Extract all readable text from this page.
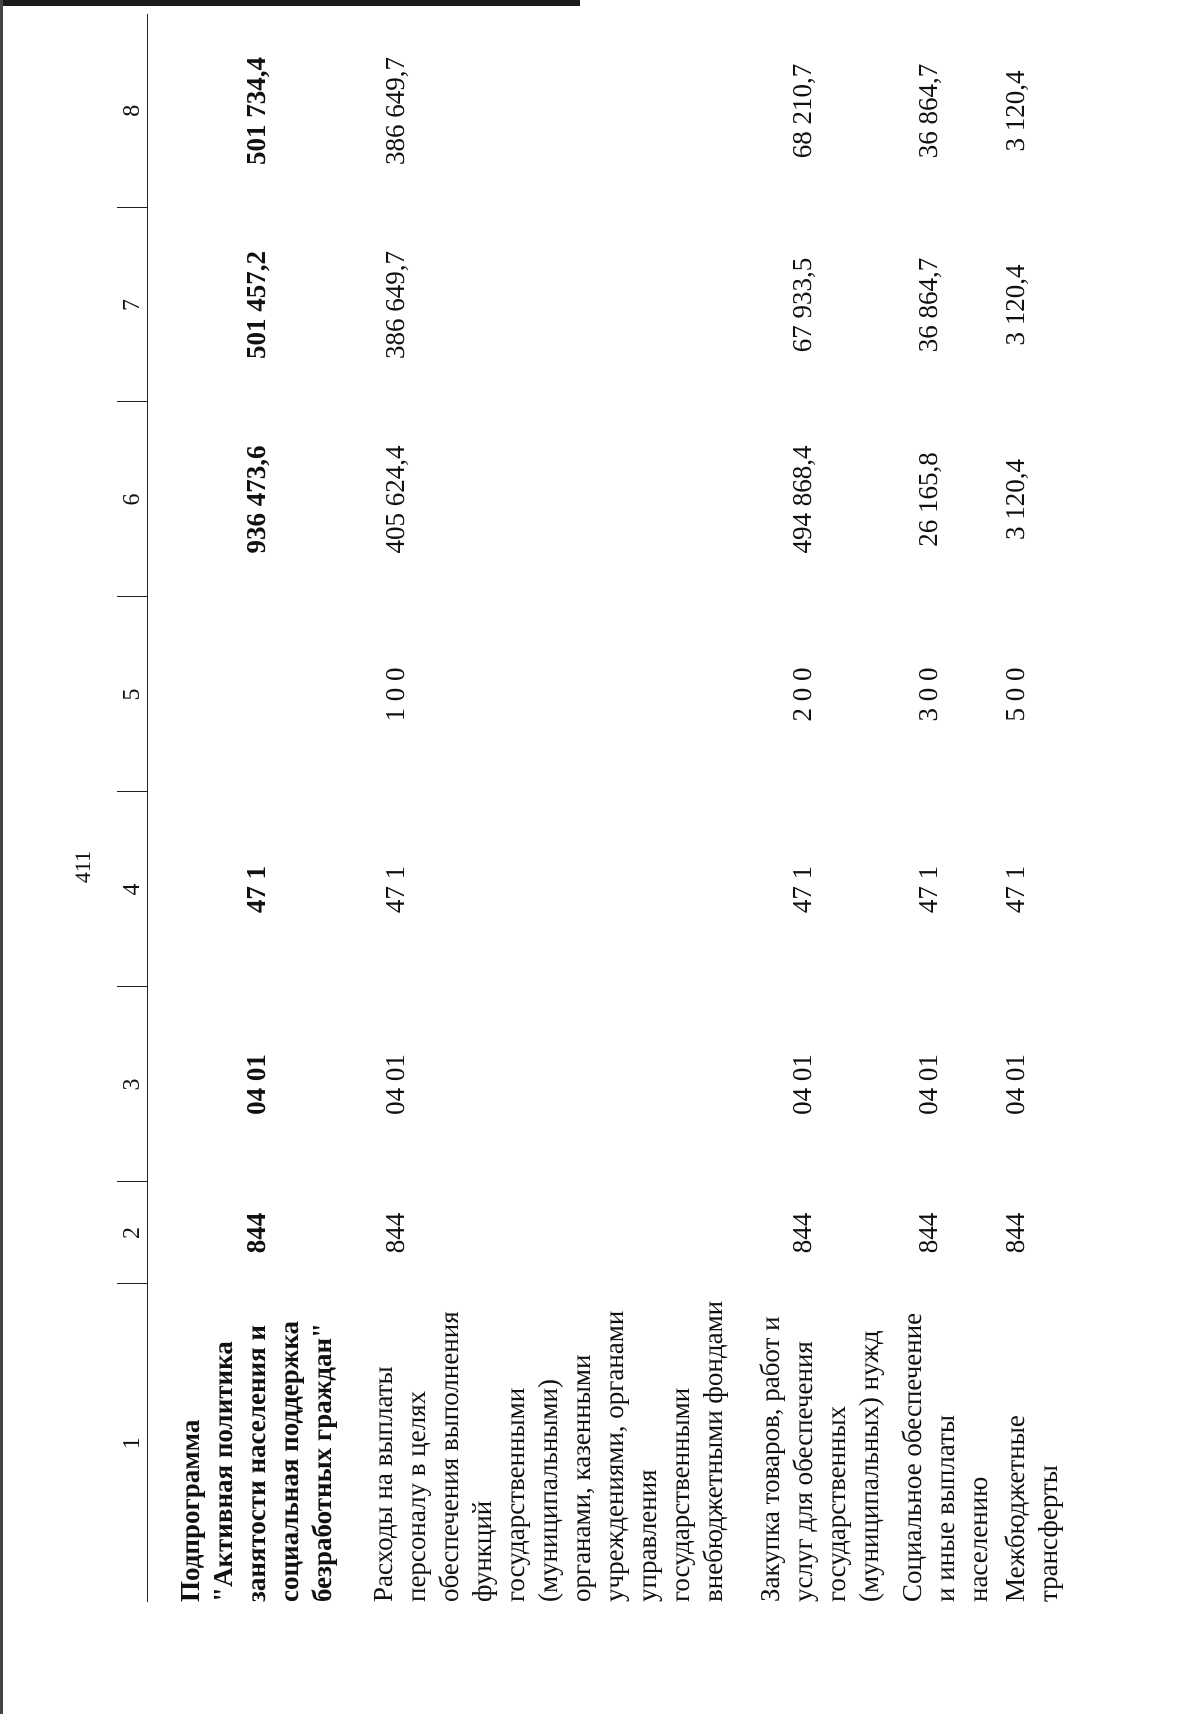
411
1	2	3	4	5	6	7	8
Подпрограмма "Активная политика занятости населения и социальная поддержка безработных граждан"	844	04 01	47 1		936 473,6	501 457,2	501 734,4
Расходы на выплаты персоналу в целях обеспечения выполнения функций государственными (муниципальными) органами, казенными учреждениями, органами управления государственными внебюджетными фондами	844	04 01	47 1	1 0 0	405 624,4	386 649,7	386 649,7
Закупка товаров, работ и услуг для обеспечения государственных (муниципальных) нужд	844	04 01	47 1	2 0 0	494 868,4	67 933,5	68 210,7
Социальное обеспечение и иные выплаты населению	844	04 01	47 1	3 0 0	26 165,8	36 864,7	36 864,7
Межбюджетные трансферты	844	04 01	47 1	5 0 0	3 120,4	3 120,4	3 120,4
